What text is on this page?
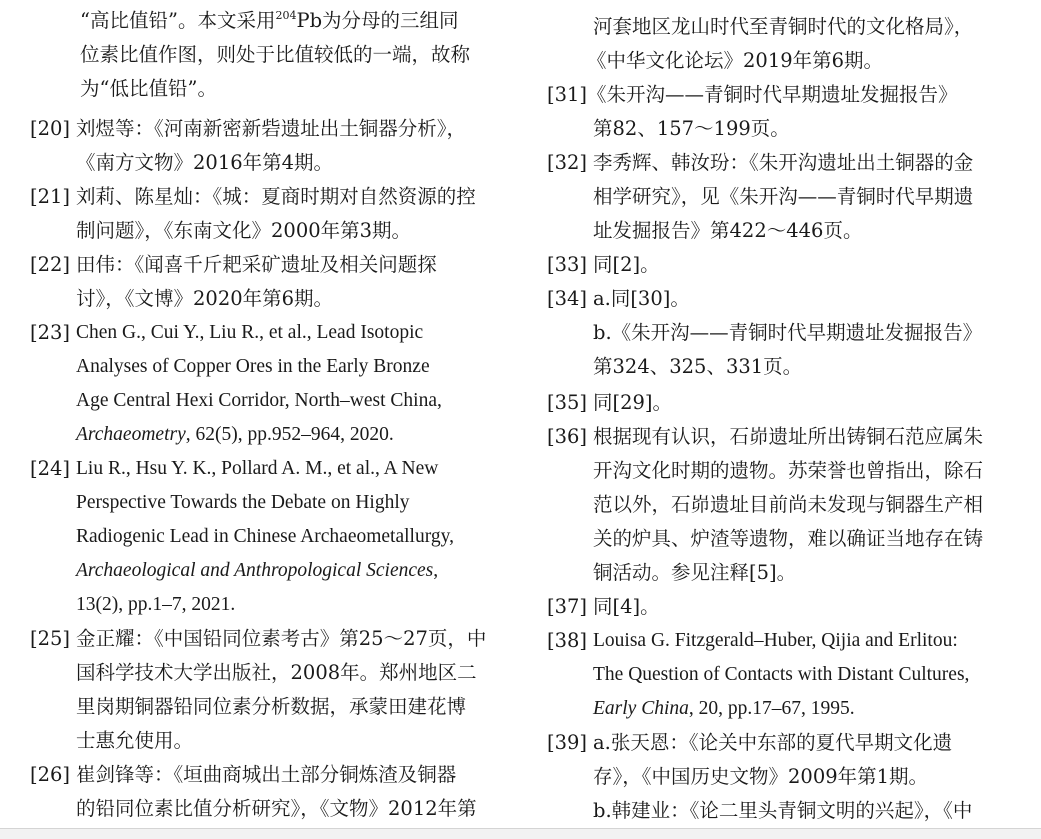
“高比值铅”。本文采用$^{204}$Pb为分母的三组同
位素比值作图，则处于比值较低的一端，故称
为“低比值铅”。
[20] 刘煜等：《河南新密新砦遗址出土铜器分析》，
《南方文物》2016年第4期。
[21] 刘莉、陈星灿：《城：夏商时期对自然资源的控
制问题》，《东南文化》2000年第3期。
[22] 田伟：《闻喜千斤耙采矿遗址及相关问题探
讨》，《文博》2020年第6期。
[23] Chen G., Cui Y., Liu R., et al., Lead Isotopic
Analyses of Copper Ores in the Early Bronze
Age Central Hexi Corridor, North–west China,
Archaeometry, 62(5), pp.952–964, 2020.
[24] Liu R., Hsu Y. K., Pollard A. M., et al., A New
Perspective Towards the Debate on Highly
Radiogenic Lead in Chinese Archaeometallurgy,
Archaeological and Anthropological Sciences,
13(2), pp.1–7, 2021.
[25] 金正耀：《中国铅同位素考古》第25～27页，中
国科学技术大学出版社，2008年。郑州地区二
里岗期铜器铅同位素分析数据，承蒙田建花博
士惠允使用。
[26] 崔剑锋等：《垣曲商城出土部分铜炼渣及铜器
的铅同位素比值分析研究》，《文物》2012年第
河套地区龙山时代至青铜时代的文化格局》，
《中华文化论坛》2019年第6期。
[31] 《朱开沟——青铜时代早期遗址发掘报告》
第82、157～199页。
[32] 李秀辉、韩汝玢：《朱开沟遗址出土铜器的金
相学研究》，见《朱开沟——青铜时代早期遗
址发掘报告》第422～446页。
[33] 同[2]。
[34] a.同[30]。
b.《朱开沟——青铜时代早期遗址发掘报告》
第324、325、331页。
[35] 同[29]。
[36] 根据现有认识，石峁遗址所出铸铜石范应属朱
开沟文化时期的遗物。苏荣誉也曾指出，除石
范以外，石峁遗址目前尚未发现与铜器生产相
关的炉具、炉渣等遗物，难以确证当地存在铸
铜活动。参见注释[5]。
[37] 同[4]。
[38] Louisa G. Fitzgerald–Huber, Qijia and Erlitou:
The Question of Contacts with Distant Cultures,
Early China, 20, pp.17–67, 1995.
[39] a.张天恩：《论关中东部的夏代早期文化遗
存》，《中国历史文物》2009年第1期。
b.韩建业：《论二里头青铜文明的兴起》，《中
